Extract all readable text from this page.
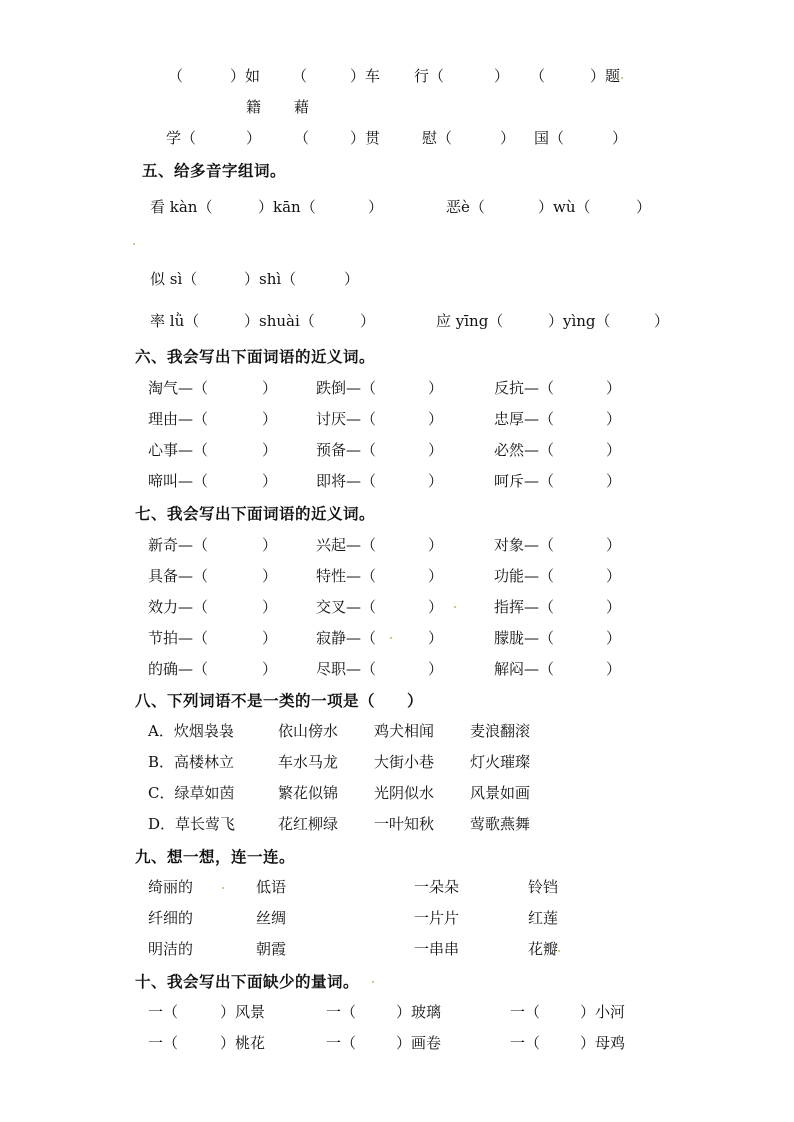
（	）如 （	）车 行（	） （	）题
籍 藉
学（	） （	）贯	慰（	） 国（	）
五、给多音字组词。
看 kàn（	）kān（	）	恶è（	）wù（	）
似 sì（	）shì（	）
率 lǜ（	）shuài（	）	应 yīng（	）yìng（	）
六、我会写出下面词语的近义词。
淘气—（	）	跌倒—（	）	反抗—（	）
理由—（	）	讨厌—（	）	忠厚—（	）
心事—（	）	预备—（	）	必然—（	）
啼叫—（	）	即将—（	）	呵斥—（	）
七、我会写出下面词语的近义词。
新奇—（	）	兴起—（	）	对象—（	）
具备—（	）	特性—（	）	功能—（	）
效力—（	）	交叉—（	）	指挥—（	）
节拍—（	）	寂静—（	）	朦胧—（	）
的确—（	）	尽职—（	）	解闷—（	）
八、下列词语不是一类的一项是（　　）
A．炊烟袅袅	依山傍水 鸡犬相闻 麦浪翻滚
B．高楼林立	车水马龙 大街小巷 灯火璀璨
C．绿草如茵	繁花似锦 光阴似水 风景如画
D．草长莺飞	花红柳绿 一叶知秋 莺歌燕舞
九、想一想，连一连。
绮丽的	低语	一朵朵	铃铛
纤细的	丝绸	一片片	红莲
明洁的	朝霞	一串串	花瓣
十、我会写出下面缺少的量词。
一（	）风景	一（	）玻璃	一（	）小河
一（	）桃花	一（	）画卷	一（	）母鸡
